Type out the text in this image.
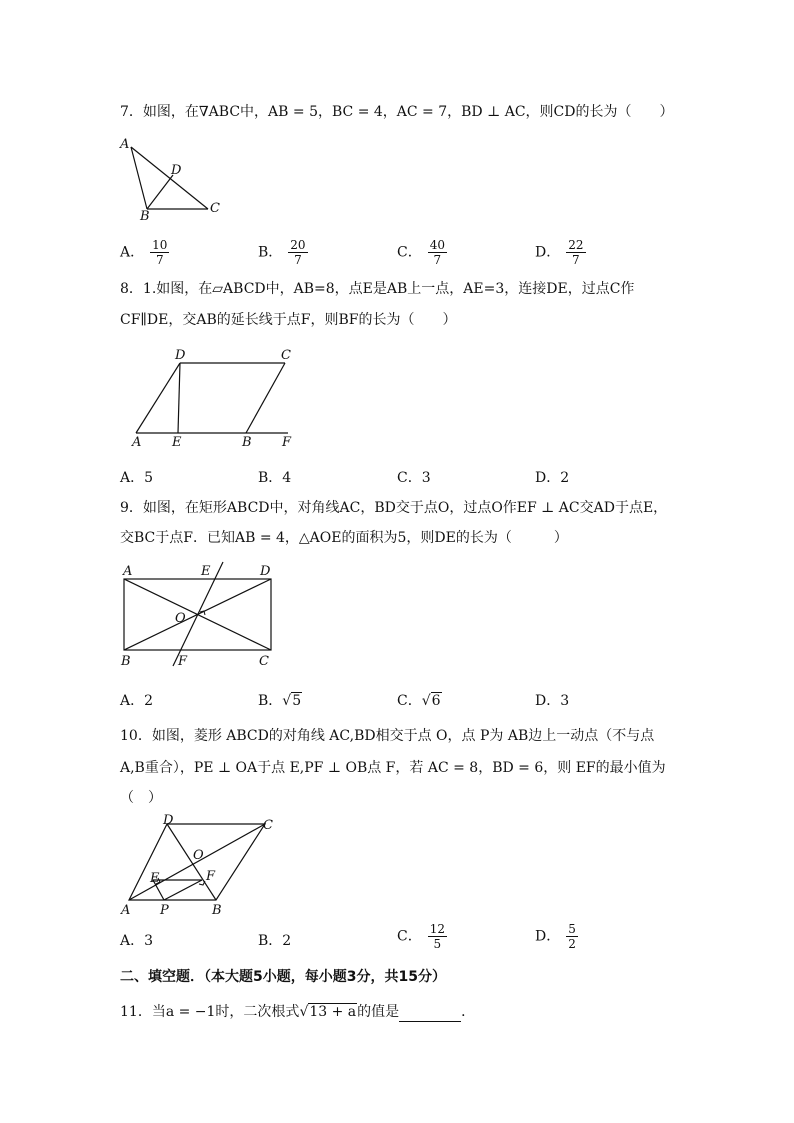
7．如图，在∇ABC中，AB = 5，BC = 4，AC = 7，BD ⊥ AC，则CD的长为（　　）
A
B
C
D
A． $\frac{10}{7}$	B． $\frac{20}{7}$	C． $\frac{40}{7}$	D． $\frac{22}{7}$
8．1.如图，在▱ABCD中，AB=8，点E是AB上一点，AE=3，连接DE，过点C作
CF∥DE，交AB的延长线于点F，则BF的长为（　　）
A E	B F
D	C
A．5	B．4	C．3	D．2
9．如图，在矩形ABCD中，对角线AC，BD交于点O，过点O作EF ⊥ AC交AD于点E，
交BC于点F．已知AB = 4，△AOE的面积为5，则DE的长为（　　　）
A	E	D
O
B	F	C
A．2	B．√5	C．√6	D．3
10．如图，菱形 ABCD的对角线 AC,BD相交于点 O，点 P为 AB边上一动点（不与点
A,B重合），PE ⊥ OA于点 E,PF ⊥ OB点 F，若 AC = 8，BD = 6，则 EF的最小值为
（　）
D	C
O
F
E
A P	B
A．3	B．2	C． $\frac{12}{5}$	D． $\frac{5}{2}$
二、填空题．（本大题5小题，每小题3分，共15分）
11．当a = −1时，二次根式√13 + a的值是	．
